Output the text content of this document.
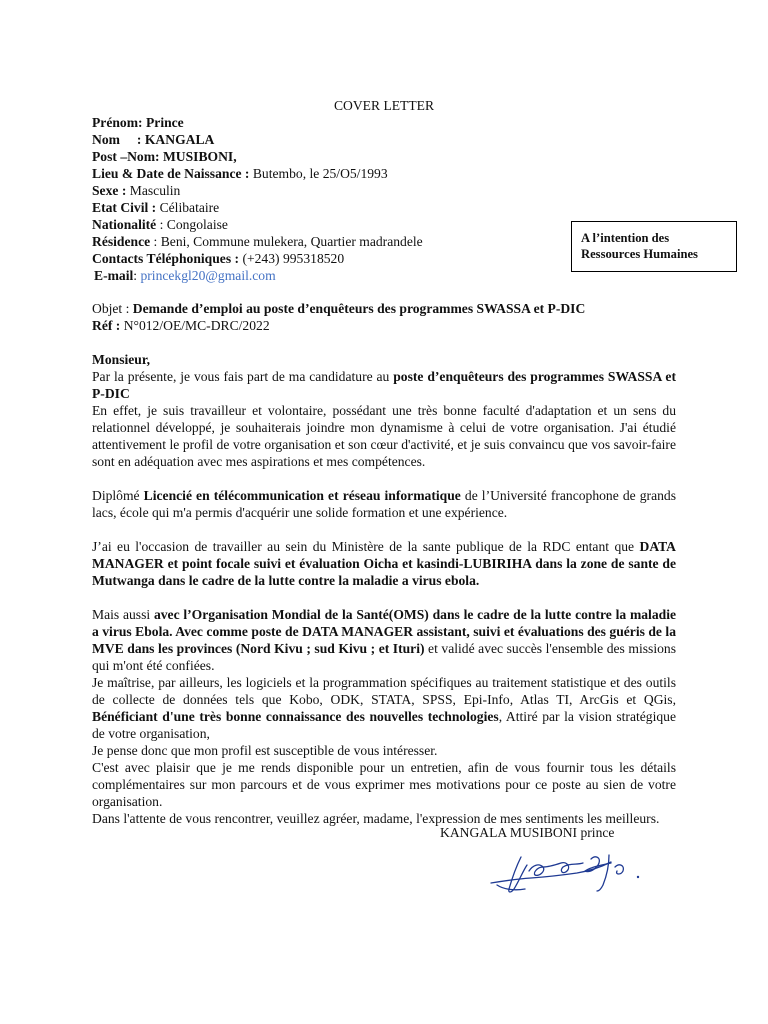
COVER LETTER
Prénom: Prince
Nom     : KANGALA
Post –Nom: MUSIBONI,
Lieu & Date de Naissance : Butembo, le 25/O5/1993
Sexe : Masculin
Etat Civil : Célibataire
Nationalité : Congolaise
Résidence : Beni, Commune mulekera, Quartier madrandele
Contacts Téléphoniques : (+243) 995318520
E-mail: princekgl20@gmail.com
A l’intention des
Ressources Humaines
Objet : Demande d’emploi au poste d’enquêteurs des programmes SWASSA et P-DIC
Réf : N°012/OE/MC-DRC/2022

Monsieur,

Par la présente, je vous fais part de ma candidature au poste d’enquêteurs des programmes SWASSA et P-DIC

En effet, je suis travailleur et volontaire, possédant une très bonne faculté d'adaptation et un sens du relationnel développé, je souhaiterais joindre mon dynamisme à celui de votre organisation. J'ai étudié attentivement le profil de votre organisation et son cœur d'activité, et je suis convaincu que vos savoir-faire sont en adéquation avec mes aspirations et mes compétences.

Diplômé Licencié en télécommunication et réseau informatique de l’Université francophone de grands lacs, école qui m'a permis d'acquérir une solide formation et une expérience.

J’ai eu l'occasion de travailler au sein du Ministère de la sante publique de la RDC entant que DATA MANAGER et point focale suivi et évaluation Oicha et kasindi-LUBIRIHA dans la zone de sante de Mutwanga dans le cadre de la lutte contre la maladie a virus ebola.

Mais aussi avec l’Organisation Mondial de la Santé(OMS) dans le cadre de la lutte contre la maladie a virus Ebola. Avec comme poste de DATA MANAGER assistant, suivi et évaluations des guéris de la MVE dans les provinces (Nord Kivu ; sud Kivu ; et Ituri) et validé avec succès l'ensemble des missions qui m'ont été confiées.

Je maîtrise, par ailleurs, les logiciels et la programmation spécifiques au traitement statistique et des outils de collecte de données tels que Kobo, ODK, STATA, SPSS, Epi-Info, Atlas TI, ArcGis et QGis, Bénéficiant d'une très bonne connaissance des nouvelles technologies, Attiré par la vision stratégique de votre organisation,

Je pense donc que mon profil est susceptible de vous intéresser.

C'est avec plaisir que je me rends disponible pour un entretien, afin de vous fournir tous les détails complémentaires sur mon parcours et de vous exprimer mes motivations pour ce poste au sien de votre organisation.

Dans l'attente de vous rencontrer, veuillez agréer, madame, l'expression de mes sentiments les meilleurs.

KANGALA MUSIBONI prince
